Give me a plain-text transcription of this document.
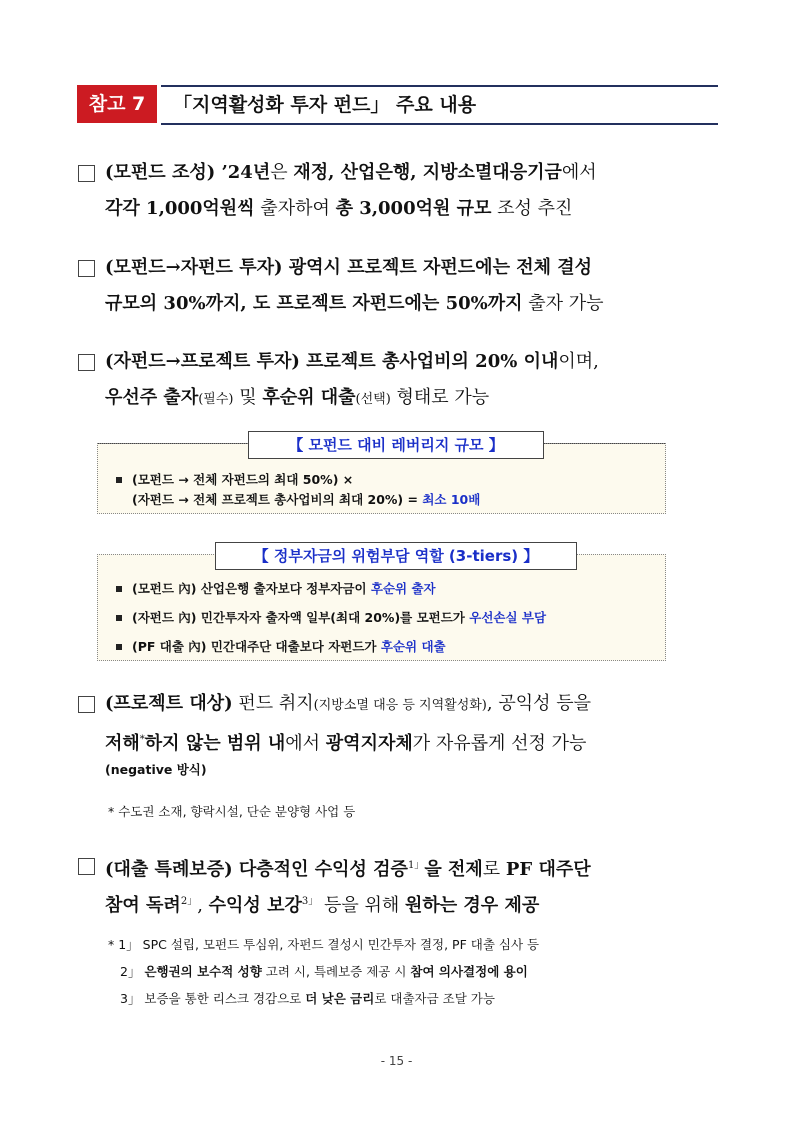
참고 7	「지역활성화 투자 펀드」 주요 내용
(모펀드 조성) ’24년은 재정, 산업은행, 지방소멸대응기금에서
각각 1,000억원씩 출자하여 총 3,000억원 규모 조성 추진
(모펀드→자펀드 투자) 광역시 프로젝트 자펀드에는 전체 결성
규모의 30%까지, 도 프로젝트 자펀드에는 50%까지 출자 가능
(자펀드→프로젝트 투자) 프로젝트 총사업비의 20% 이내이며,
우선주 출자(필수) 및 후순위 대출(선택) 형태로 가능
【 모펀드 대비 레버리지 규모 】
(모펀드 → 전체 자펀드의 최대 50%) ×
(자펀드 → 전체 프로젝트 총사업비의 최대 20%) = 최소 10배
【 정부자금의 위험부담 역할 (3-tiers) 】
(모펀드 內) 산업은행 출자보다 정부자금이 후순위 출자
(자펀드 內) 민간투자자 출자액 일부(최대 20%)를 모펀드가 우선손실 부담
(PF 대출 內) 민간대주단 대출보다 자펀드가 후순위 대출
(프로젝트 대상) 펀드 취지(지방소멸 대응 등 지역활성화), 공익성 등을
저해*하지 않는 범위 내에서 광역지자체가 자유롭게 선정 가능
(negative 방식)
* 수도권 소재, 향락시설, 단순 분양형 사업 등
(대출 특례보증) 다층적인 수익성 검증$^{1」}$을 전제로 PF 대주단
참여 독려$^{2」}$, 수익성 보강$^{3」}$ 등을 위해 원하는 경우 제공
* 1」 SPC 설립, 모펀드 투심위, 자펀드 결성시 민간투자 결정, PF 대출 심사 등
2」 은행권의 보수적 성향 고려 시, 특례보증 제공 시 참여 의사결정에 용이
3」 보증을 통한 리스크 경감으로 더 낮은 금리로 대출자금 조달 가능
- 15 -
